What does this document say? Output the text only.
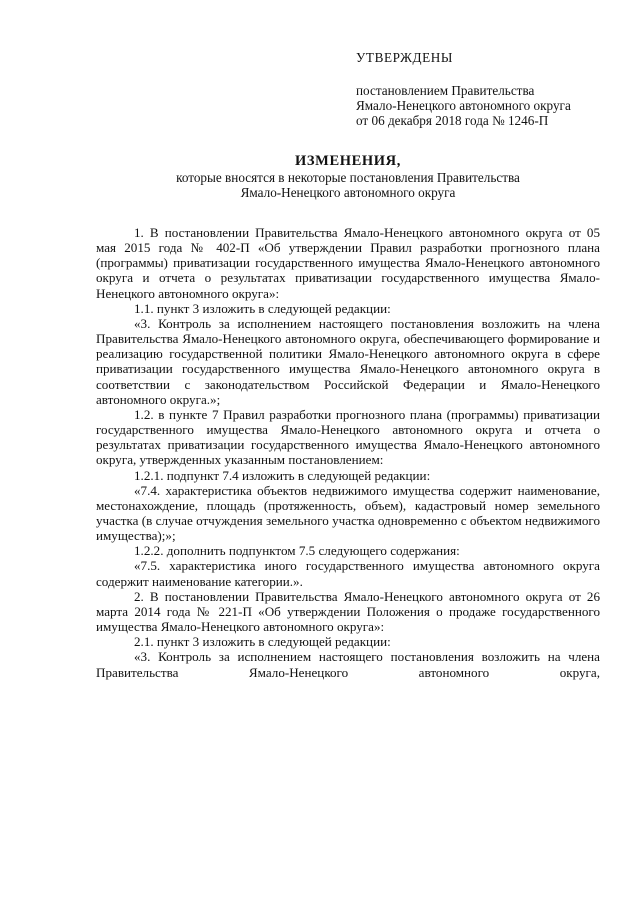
УТВЕРЖДЕНЫ
постановлением Правительства
Ямало-Ненецкого автономного округа
от 06 декабря 2018 года № 1246-П
ИЗМЕНЕНИЯ,
которые вносятся в некоторые постановления Правительства
Ямало-Ненецкого автономного округа

1. В постановлении Правительства Ямало-Ненецкого автономного округа от 05 мая 2015 года № 402-П «Об утверждении Правил разработки прогнозного плана (программы) приватизации государственного имущества Ямало-Ненецкого автономного округа и отчета о результатах приватизации государственного имущества Ямало-Ненецкого автономного округа»:

1.1. пункт 3 изложить в следующей редакции:

«3. Контроль за исполнением настоящего постановления возложить на члена Правительства Ямало-Ненецкого автономного округа, обеспечивающего формирование и реализацию государственной политики Ямало-Ненецкого автономного округа в сфере приватизации государственного имущества Ямало-Ненецкого автономного округа в соответствии с законодательством Российской Федерации и Ямало-Ненецкого автономного округа.»;

1.2. в пункте 7 Правил разработки прогнозного плана (программы) приватизации государственного имущества Ямало-Ненецкого автономного округа и отчета о результатах приватизации государственного имущества Ямало-Ненецкого автономного округа, утвержденных указанным постановлением:

1.2.1. подпункт 7.4 изложить в следующей редакции:

«7.4. характеристика объектов недвижимого имущества содержит наименование, местонахождение, площадь (протяженность, объем), кадастровый номер земельного участка (в случае отчуждения земельного участка одновременно с объектом недвижимого имущества);»;

1.2.2. дополнить подпунктом 7.5 следующего содержания:

«7.5. характеристика иного государственного имущества автономного округа содержит наименование категории.».

2. В постановлении Правительства Ямало-Ненецкого автономного округа от 26 марта 2014 года № 221-П «Об утверждении Положения о продаже государственного имущества Ямало-Ненецкого автономного округа»:

2.1. пункт 3 изложить в следующей редакции:

«3. Контроль за исполнением настоящего постановления возложить на члена Правительства Ямало-Ненецкого автономного округа,
